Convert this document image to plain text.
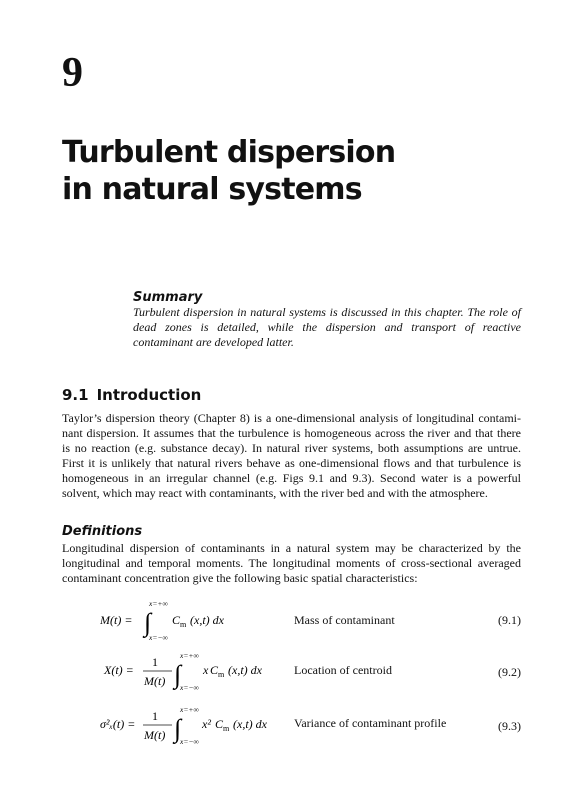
9
Turbulent dispersion
in natural systems
Summary
Turbulent dispersion in natural systems is discussed in this chapter. The role of dead zones is detailed, while the dispersion and transport of reactive contaminant are developed latter.
9.1 Introduction
Taylor’s dispersion theory (Chapter 8) is a one-dimensional analysis of longitudinal contami-
nant dispersion. It assumes that the turbulence is homogeneous across the river and that there
is no reaction (e.g. substance decay). In natural river systems, both assumptions are untrue.
First it is unlikely that natural rivers behave as one-dimensional flows and that turbulence is
homogeneous in an irregular channel (e.g. Figs 9.1 and 9.3). Second water is a powerful
solvent, which may react with contaminants, with the river bed and with the atmosphere.
Definitions
Longitudinal dispersion of contaminants in a natural system may be characterized by the
longitudinal and temporal moments. The longitudinal moments of cross-sectional averaged
contaminant concentration give the following basic spatial characteristics:
M(t) = ∫
x=+∞
x=−∞
C m (x,t) dx	Mass of contaminant	(9.1)
X(t) =
1
M(t) ∫
x=+∞
x=−∞
x C m (x,t) dx	Location of centroid	(9.2)
σ²ₓ(t) =
1
M(t) ∫
x=+∞
x=−∞
x² C m (x,t) dx Variance of contaminant profile	(9.3)
